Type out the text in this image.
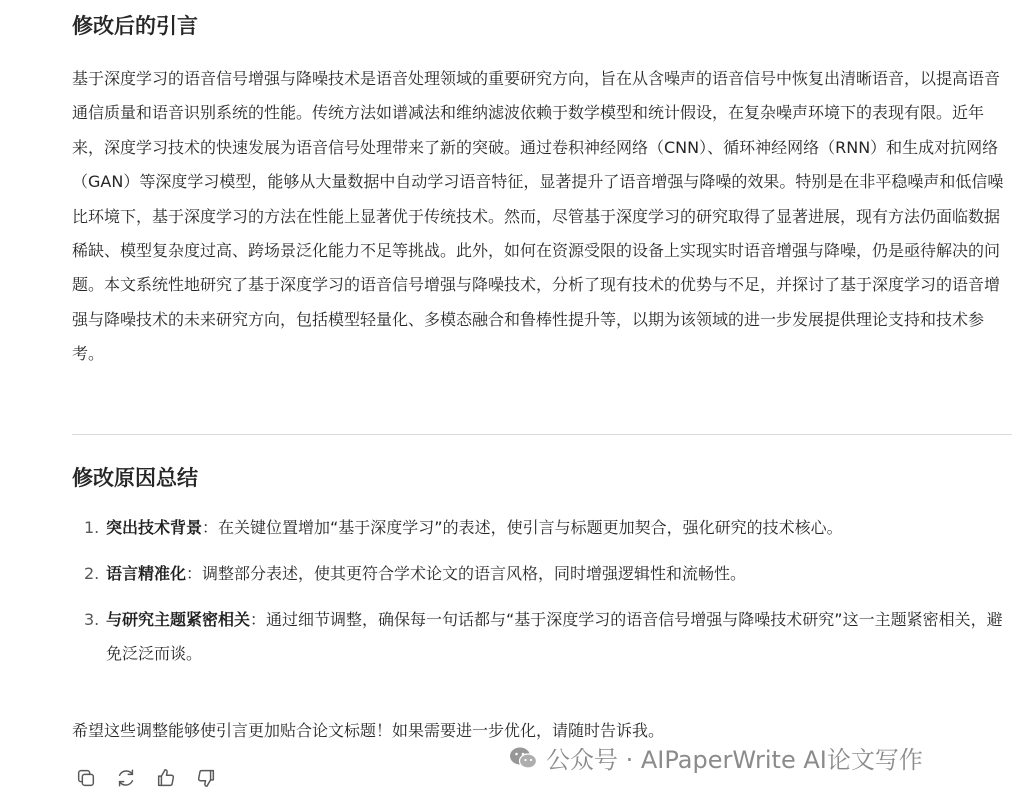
修改后的引言

基于深度学习的语音信号增强与降噪技术是语音处理领域的重要研究方向，旨在从含噪声的语音信号中恢复出清晰语音，以提高语音通信质量和语音识别系统的性能。传统方法如谱减法和维纳滤波依赖于数学模型和统计假设，在复杂噪声环境下的表现有限。近年来，深度学习技术的快速发展为语音信号处理带来了新的突破。通过卷积神经网络（CNN）、循环神经网络（RNN）和生成对抗网络（GAN）等深度学习模型，能够从大量数据中自动学习语音特征，显著提升了语音增强与降噪的效果。特别是在非平稳噪声和低信噪比环境下，基于深度学习的方法在性能上显著优于传统技术。然而，尽管基于深度学习的研究取得了显著进展，现有方法仍面临数据稀缺、模型复杂度过高、跨场景泛化能力不足等挑战。此外，如何在资源受限的设备上实现实时语音增强与降噪，仍是亟待解决的问题。本文系统性地研究了基于深度学习的语音信号增强与降噪技术，分析了现有技术的优势与不足，并探讨了基于深度学习的语音增强与降噪技术的未来研究方向，包括模型轻量化、多模态融合和鲁棒性提升等，以期为该领域的进一步发展提供理论支持和技术参考。

修改原因总结
1. 突出技术背景：在关键位置增加“基于深度学习”的表述，使引言与标题更加契合，强化研究的技术核心。
2. 语言精准化：调整部分表述，使其更符合学术论文的语言风格，同时增强逻辑性和流畅性。
3. 与研究主题紧密相关：通过细节调整，确保每一句话都与“基于深度学习的语音信号增强与降噪技术研究”这一主题紧密相关，避免泛泛而谈。
希望这些调整能够使引言更加贴合论文标题！如果需要进一步优化，请随时告诉我。
公众号 · AIPaperWrite AI论文写作
